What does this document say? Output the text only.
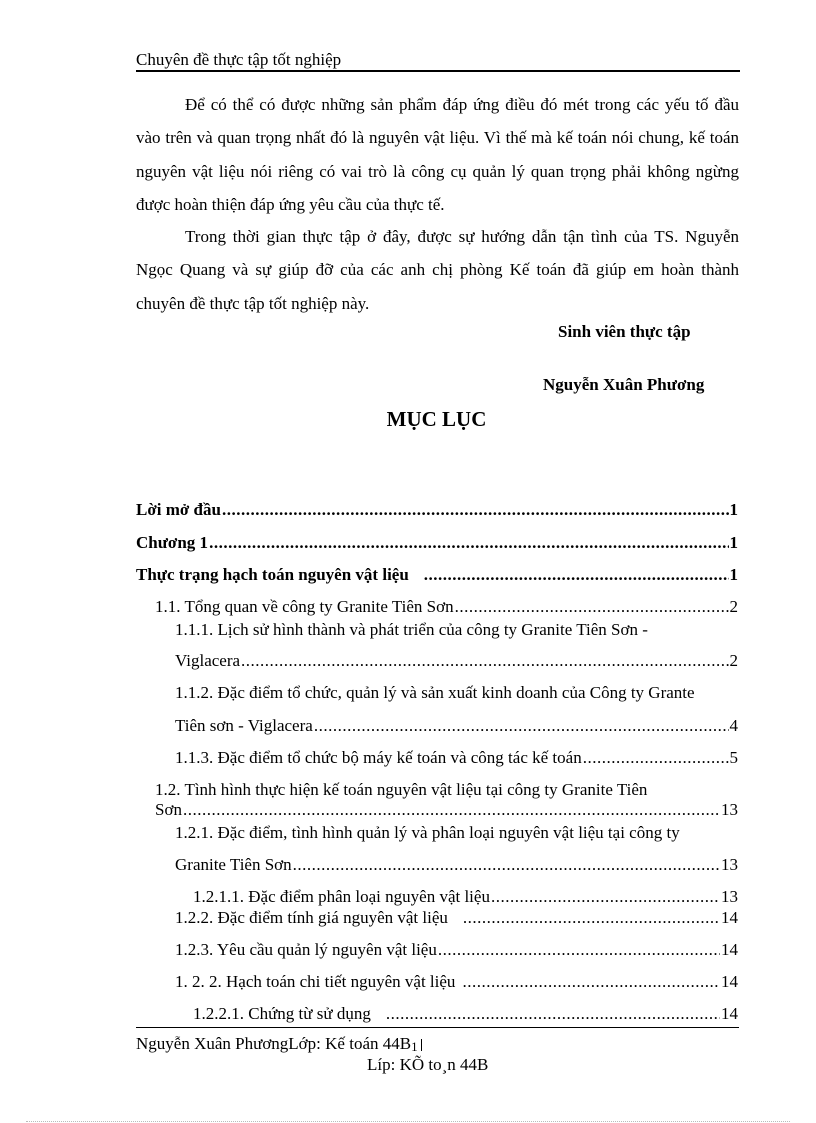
Chuyên đề thực tập tốt nghiệp

Để có thể có được những sản phẩm đáp ứng điều đó mét trong các yếu tố đầu vào trên và quan trọng nhất đó là nguyên vật liệu. Vì thế mà kế toán nói chung, kế toán nguyên vật liệu nói riêng có vai trò là công cụ quản lý quan trọng phải không ngừng được hoàn thiện đáp ứng yêu cầu của thực tế.

Trong thời gian thực tập ở đây, được sự hướng dẫn tận tình của TS. Nguyễn Ngọc Quang và sự giúp đỡ của các anh chị phòng Kế toán đã giúp em hoàn thành chuyên đề thực tập tốt nghiệp này.

Sinh viên thực tập
Nguyễn Xuân Phương
MỤC LỤC
Lời mở đầu .....	1
Chương 1 .....	1
Thực trạng hạch toán nguyên vật liệu .....	1
1.1. Tổng quan về công ty Granite Tiên Sơn .....	2
1.1.1. Lịch sử hình thành và phát triển của công ty Granite Tiên Sơn -
Viglacera .....	2
1.1.2. Đặc điểm tổ chức, quản lý và sản xuất kinh doanh của Công ty Grante
Tiên sơn - Viglacera .....	4
1.1.3. Đặc điểm tổ chức bộ máy kế toán và công tác kế toán .....	5
1.2. Tình hình thực hiện kế toán nguyên vật liệu tại công ty Granite Tiên
Sơn .....	13
1.2.1. Đặc điểm, tình hình quản lý và phân loại nguyên vật liệu tại công ty
Granite Tiên Sơn .....	13
1.2.1.1. Đặc điểm phân loại nguyên vật liệu .....	13
1.2.2. Đặc điểm tính giá nguyên vật liệu .....	14
1.2.3. Yêu cầu quản lý nguyên vật liệu .....	14
1. 2. 2. Hạch toán chi tiết nguyên vật liệu .....	14
1.2.2.1. Chứng từ sử dụng .....	14
Nguyễn Xuân PhươngLớp: Kế toán 44B1
Líp: KÕ to¸n 44B
